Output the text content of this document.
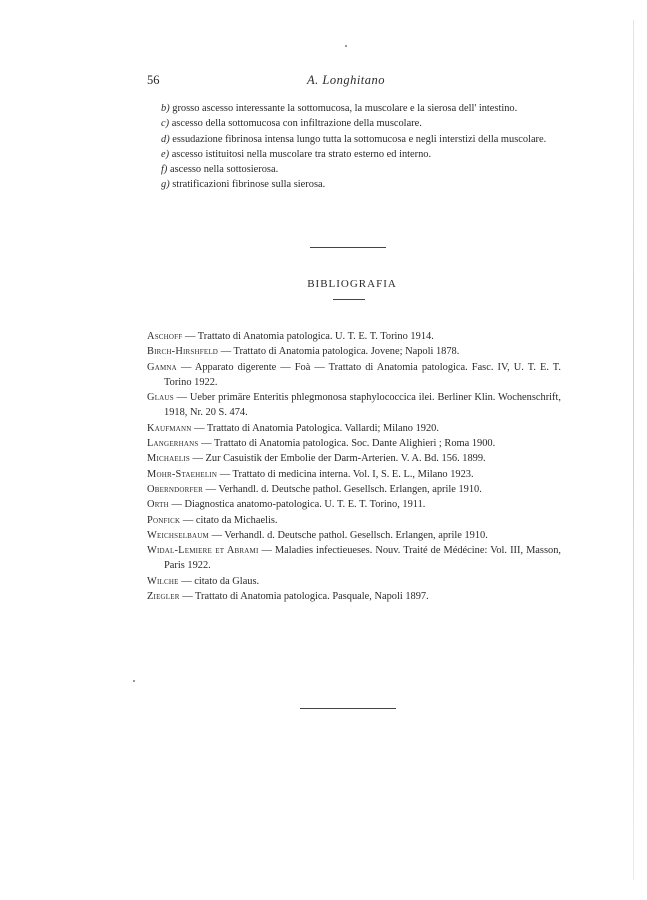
56	A. Longhitano

b) grosso ascesso interessante la sottomucosa, la muscolare e la sierosa dell' intestino.

c) ascesso della sottomucosa con infiltrazione della muscolare.

d) essudazione fibrinosa intensa lungo tutta la sottomucosa e negli interstizi della muscolare.

e) ascesso istituitosi nella muscolare tra strato esterno ed interno.

f) ascesso nella sottosierosa.

g) stratificazioni fibrinose sulla sierosa.

BIBLIOGRAFIA

Aschoff — Trattato di Anatomia patologica. U. T. E. T. Torino 1914.

Birch-Hirshfeld — Trattato di Anatomia patologica. Jovene; Napoli 1878.

Gamna — Apparato digerente — Foà — Trattato di Anatomia patologica. Fasc. IV, U. T. E. T. Torino 1922.

Glaus — Ueber primäre Enteritis phlegmonosa staphylococcica ilei. Berliner Klin. Wochenschrift, 1918, Nr. 20 S. 474.

Kaufmann — Trattato di Anatomia Patologica. Vallardi; Milano 1920.

Langerhans — Trattato di Anatomia patologica. Soc. Dante Alighieri ; Roma 1900.

Michaelis — Zur Casuistik der Embolie der Darm-Arterien. V. A. Bd. 156. 1899.

Mohr-Staehelin — Trattato di medicina interna. Vol. I, S. E. L., Milano 1923.

Oberndorfer — Verhandl. d. Deutsche pathol. Gesellsch. Erlangen, aprile 1910.

Orth — Diagnostica anatomo-patologica. U. T. E. T. Torino, 1911.

Ponfick — citato da Michaelis.

Weichselbaum — Verhandl. d. Deutsche pathol. Gesellsch. Erlangen, aprile 1910.

Widal-Lemiere et Abrami — Maladies infectieueses. Nouv. Traité de Médécine: Vol. III, Masson, Paris 1922.

Wilche — citato da Glaus.

Ziegler — Trattato di Anatomia patologica. Pasquale, Napoli 1897.
